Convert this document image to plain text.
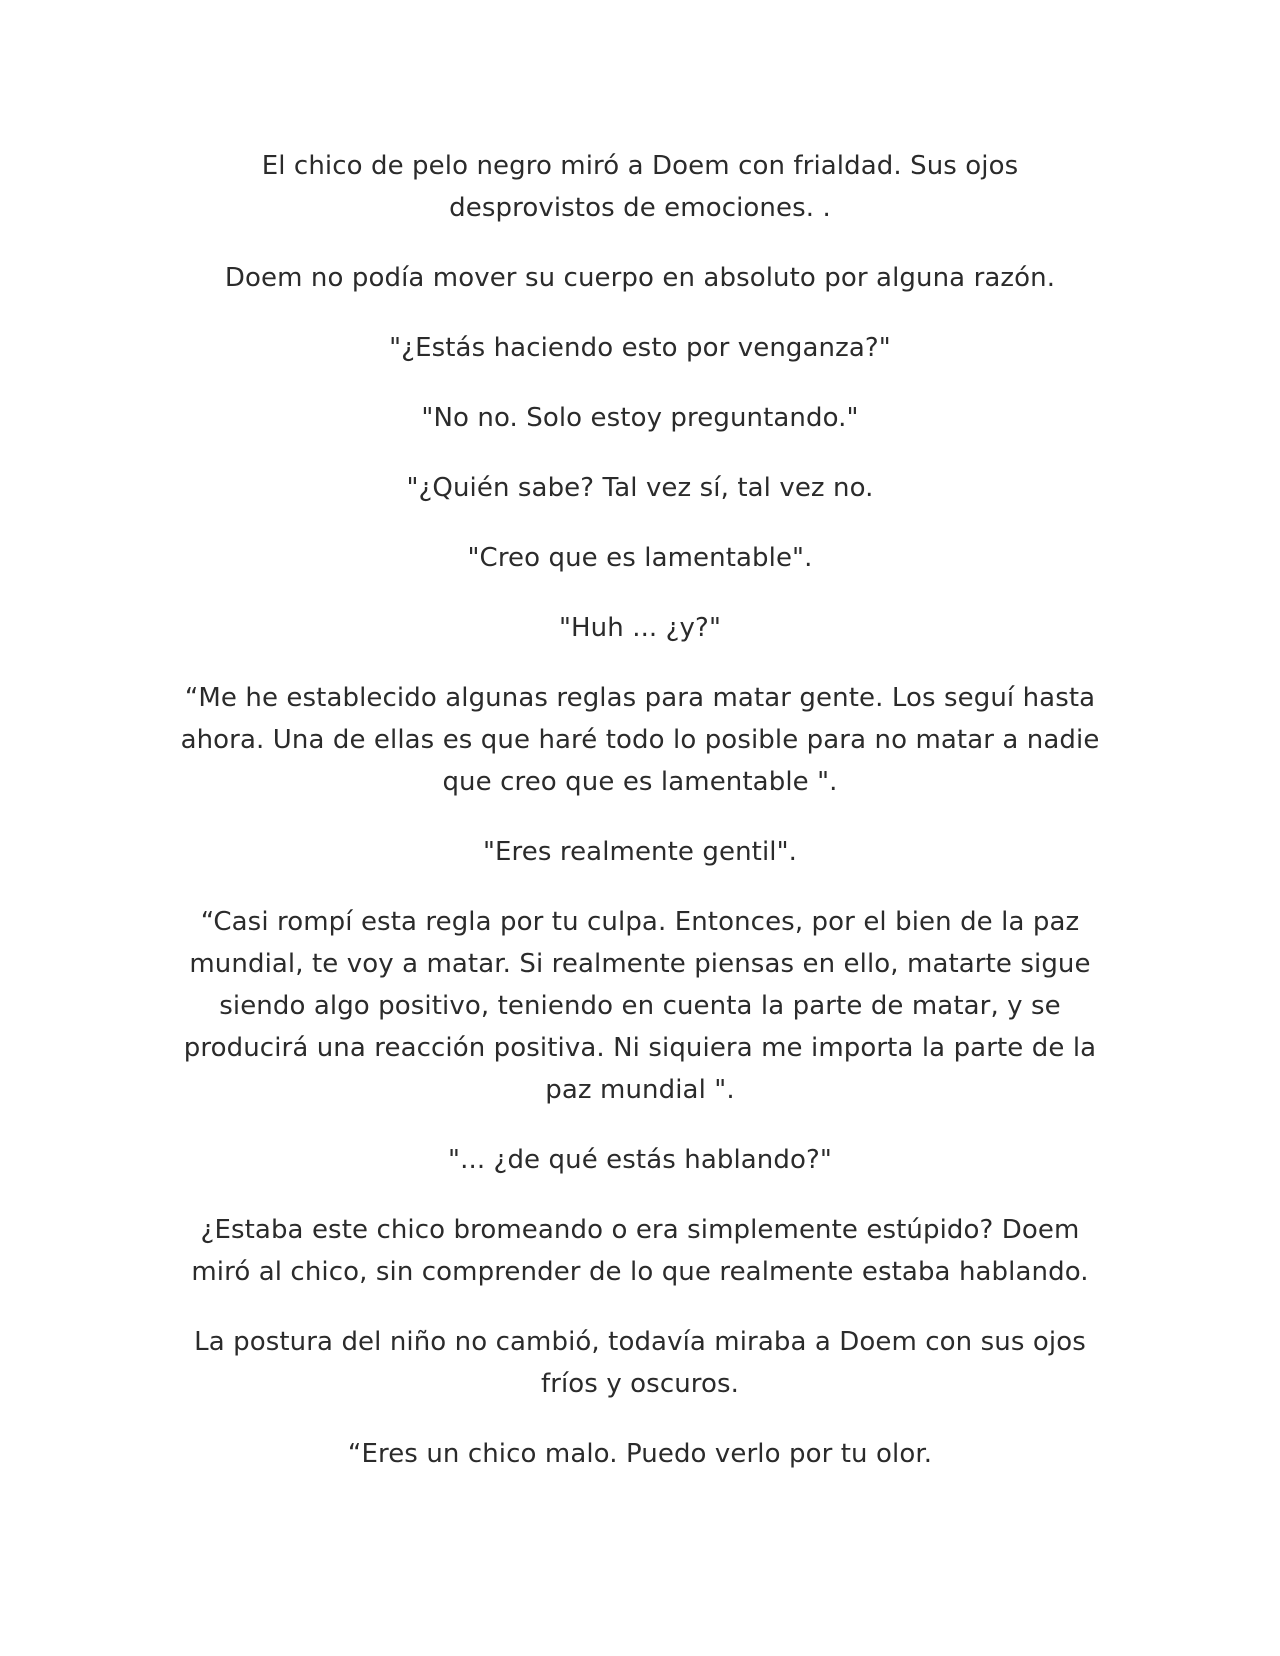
El chico de pelo negro miró a Doem con frialdad. Sus ojos desprovistos de emociones. .

Doem no podía mover su cuerpo en absoluto por alguna razón.

"¿Estás haciendo esto por venganza?"

"No no. Solo estoy preguntando."

"¿Quién sabe? Tal vez sí, tal vez no.

"Creo que es lamentable".

"Huh ... ¿y?"

“Me he establecido algunas reglas para matar gente. Los seguí hasta ahora. Una de ellas es que haré todo lo posible para no matar a nadie que creo que es lamentable ".

"Eres realmente gentil".

“Casi rompí esta regla por tu culpa. Entonces, por el bien de la paz mundial, te voy a matar. Si realmente piensas en ello, matarte sigue siendo algo positivo, teniendo en cuenta la parte de matar, y se producirá una reacción positiva. Ni siquiera me importa la parte de la paz mundial ".

"... ¿de qué estás hablando?"

¿Estaba este chico bromeando o era simplemente estúpido? Doem miró al chico, sin comprender de lo que realmente estaba hablando.

La postura del niño no cambió, todavía miraba a Doem con sus ojos fríos y oscuros.

“Eres un chico malo. Puedo verlo por tu olor.
